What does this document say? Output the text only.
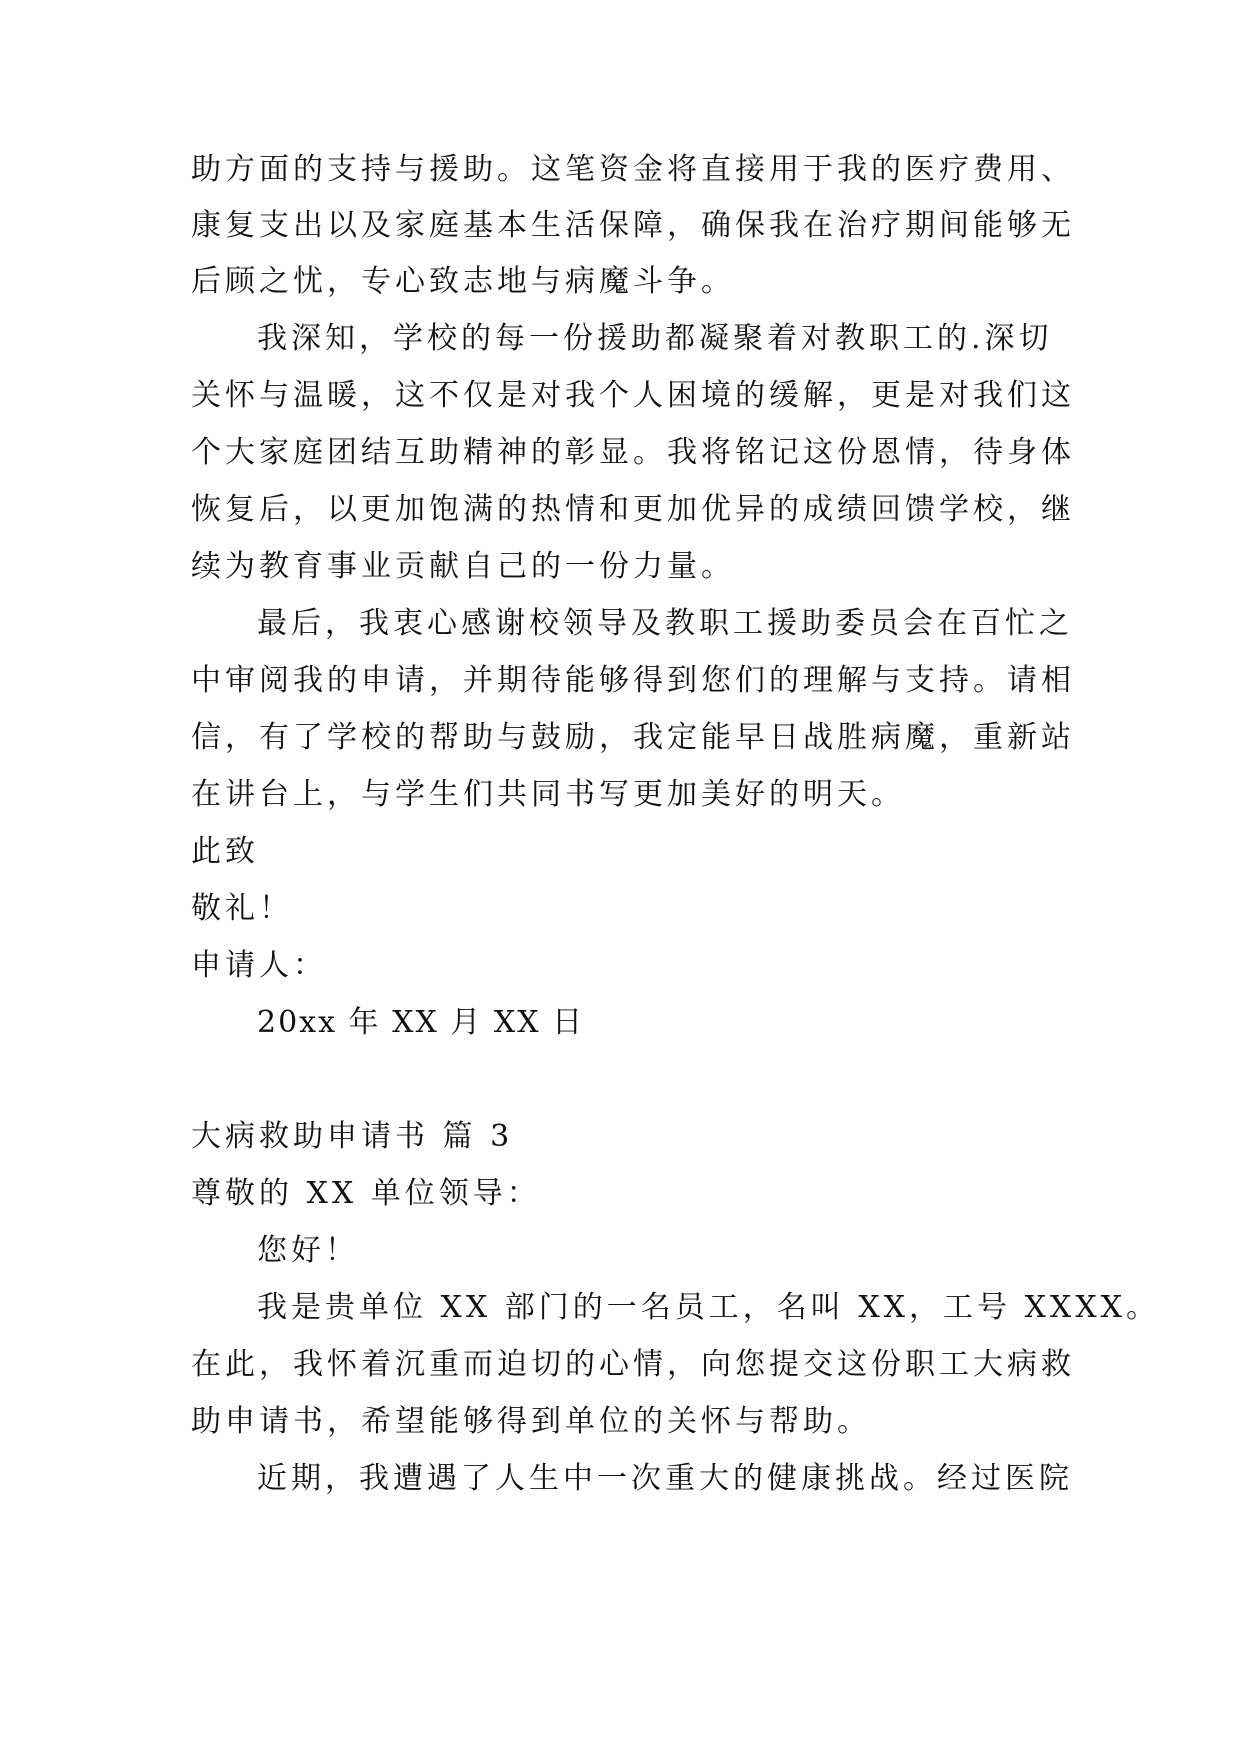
助方面的支持与援助。这笔资金将直接用于我的医疗费用、
康复支出以及家庭基本生活保障，确保我在治疗期间能够无
后顾之忧，专心致志地与病魔斗争。
我深知，学校的每一份援助都凝聚着对教职工的.深切
关怀与温暖，这不仅是对我个人困境的缓解，更是对我们这
个大家庭团结互助精神的彰显。我将铭记这份恩情，待身体
恢复后，以更加饱满的热情和更加优异的成绩回馈学校，继
续为教育事业贡献自己的一份力量。
最后，我衷心感谢校领导及教职工援助委员会在百忙之
中审阅我的申请，并期待能够得到您们的理解与支持。请相
信，有了学校的帮助与鼓励，我定能早日战胜病魔，重新站
在讲台上，与学生们共同书写更加美好的明天。
此致
敬礼！
申请人：
20xx 年 XX 月 XX 日
大病救助申请书 篇 3
尊敬的 XX 单位领导：
您好！
我是贵单位 XX 部门的一名员工，名叫 XX，工号 XXXX。
在此，我怀着沉重而迫切的心情，向您提交这份职工大病救
助申请书，希望能够得到单位的关怀与帮助。
近期，我遭遇了人生中一次重大的健康挑战。经过医院
